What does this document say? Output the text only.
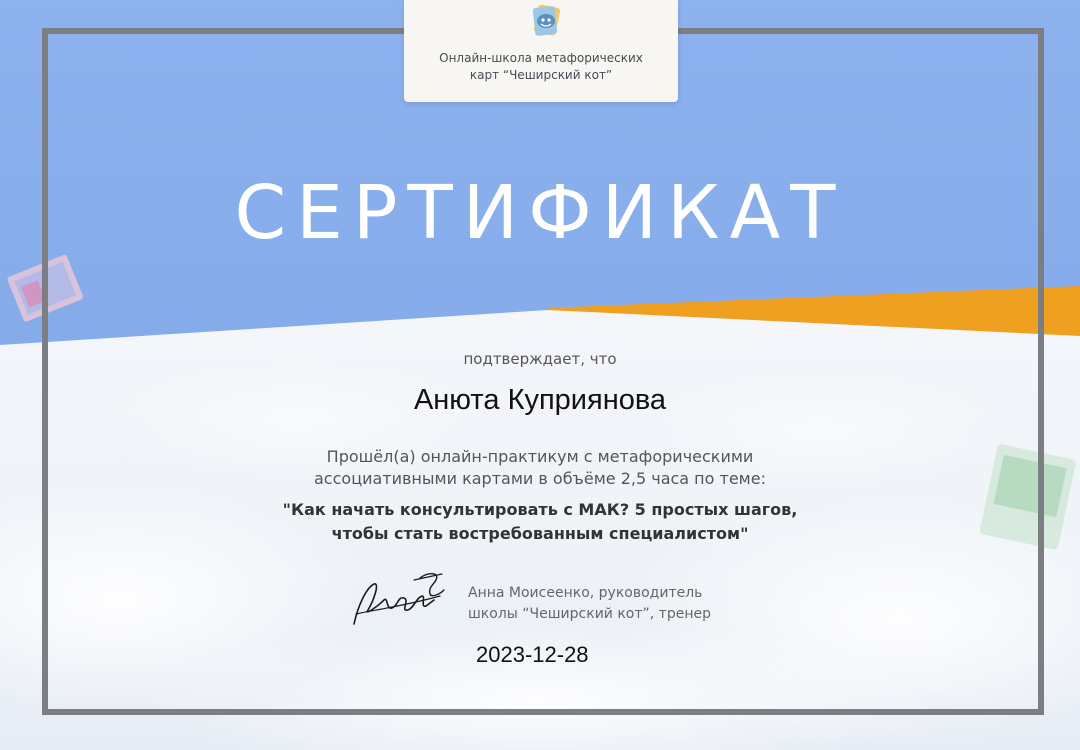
Онлайн-школа метафорических
карт “Чеширский кот”
СЕРТИФИКАТ
подтверждает, что
Анюта Куприянова
Прошёл(а) онлайн-практикум с метафорическими
ассоциативными картами в объёме 2,5 часа по теме:
"Как начать консультировать с МАК? 5 простых шагов,
чтобы стать востребованным специалистом"
Анна Моисеенко, руководитель
школы “Чеширский кот”, тренер
2023-12-28
